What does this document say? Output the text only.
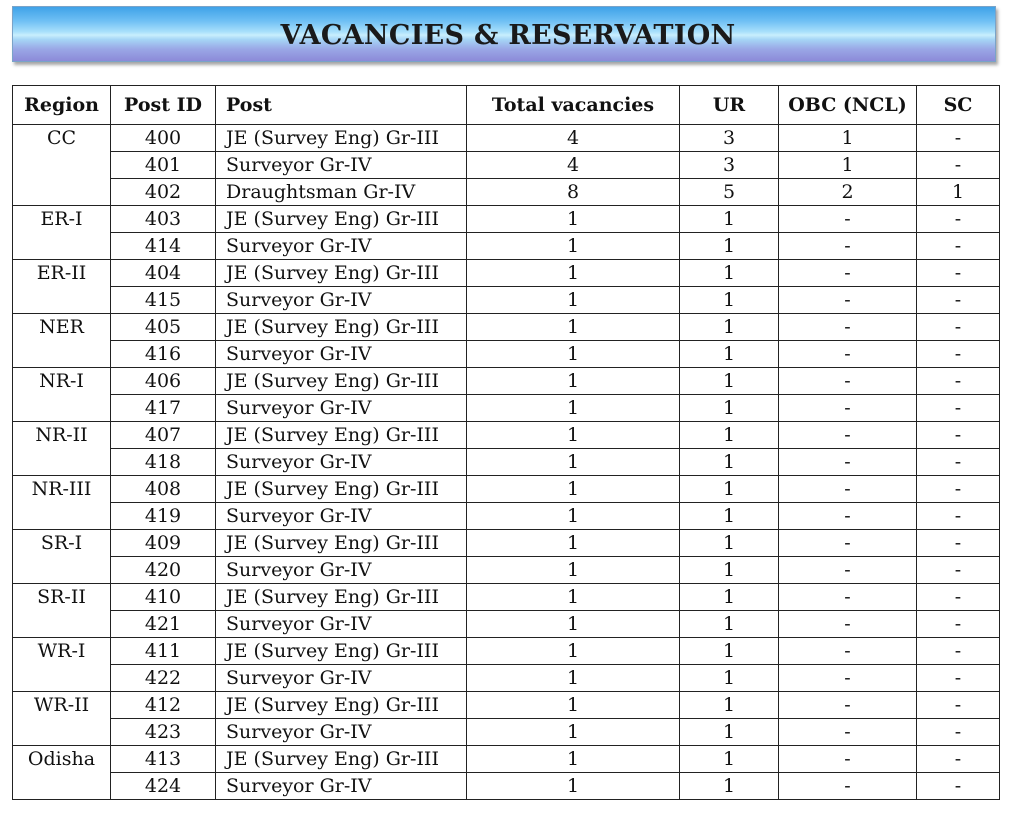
VACANCIES & RESERVATION
Region	Post ID	Post	Total vacancies	UR	OBC (NCL)	SC
CC	400	JE (Survey Eng) Gr-III	4	3	1	-
	401	Surveyor Gr-IV	4	3	1	-
	402	Draughtsman Gr-IV	8	5	2	1
ER-I	403	JE (Survey Eng) Gr-III	1	1	-	-
	414	Surveyor Gr-IV	1	1	-	-
ER-II	404	JE (Survey Eng) Gr-III	1	1	-	-
	415	Surveyor Gr-IV	1	1	-	-
NER	405	JE (Survey Eng) Gr-III	1	1	-	-
	416	Surveyor Gr-IV	1	1	-	-
NR-I	406	JE (Survey Eng) Gr-III	1	1	-	-
	417	Surveyor Gr-IV	1	1	-	-
NR-II	407	JE (Survey Eng) Gr-III	1	1	-	-
	418	Surveyor Gr-IV	1	1	-	-
NR-III	408	JE (Survey Eng) Gr-III	1	1	-	-
	419	Surveyor Gr-IV	1	1	-	-
SR-I	409	JE (Survey Eng) Gr-III	1	1	-	-
	420	Surveyor Gr-IV	1	1	-	-
SR-II	410	JE (Survey Eng) Gr-III	1	1	-	-
	421	Surveyor Gr-IV	1	1	-	-
WR-I	411	JE (Survey Eng) Gr-III	1	1	-	-
	422	Surveyor Gr-IV	1	1	-	-
WR-II	412	JE (Survey Eng) Gr-III	1	1	-	-
	423	Surveyor Gr-IV	1	1	-	-
Odisha	413	JE (Survey Eng) Gr-III	1	1	-	-
	424	Surveyor Gr-IV	1	1	-	-
